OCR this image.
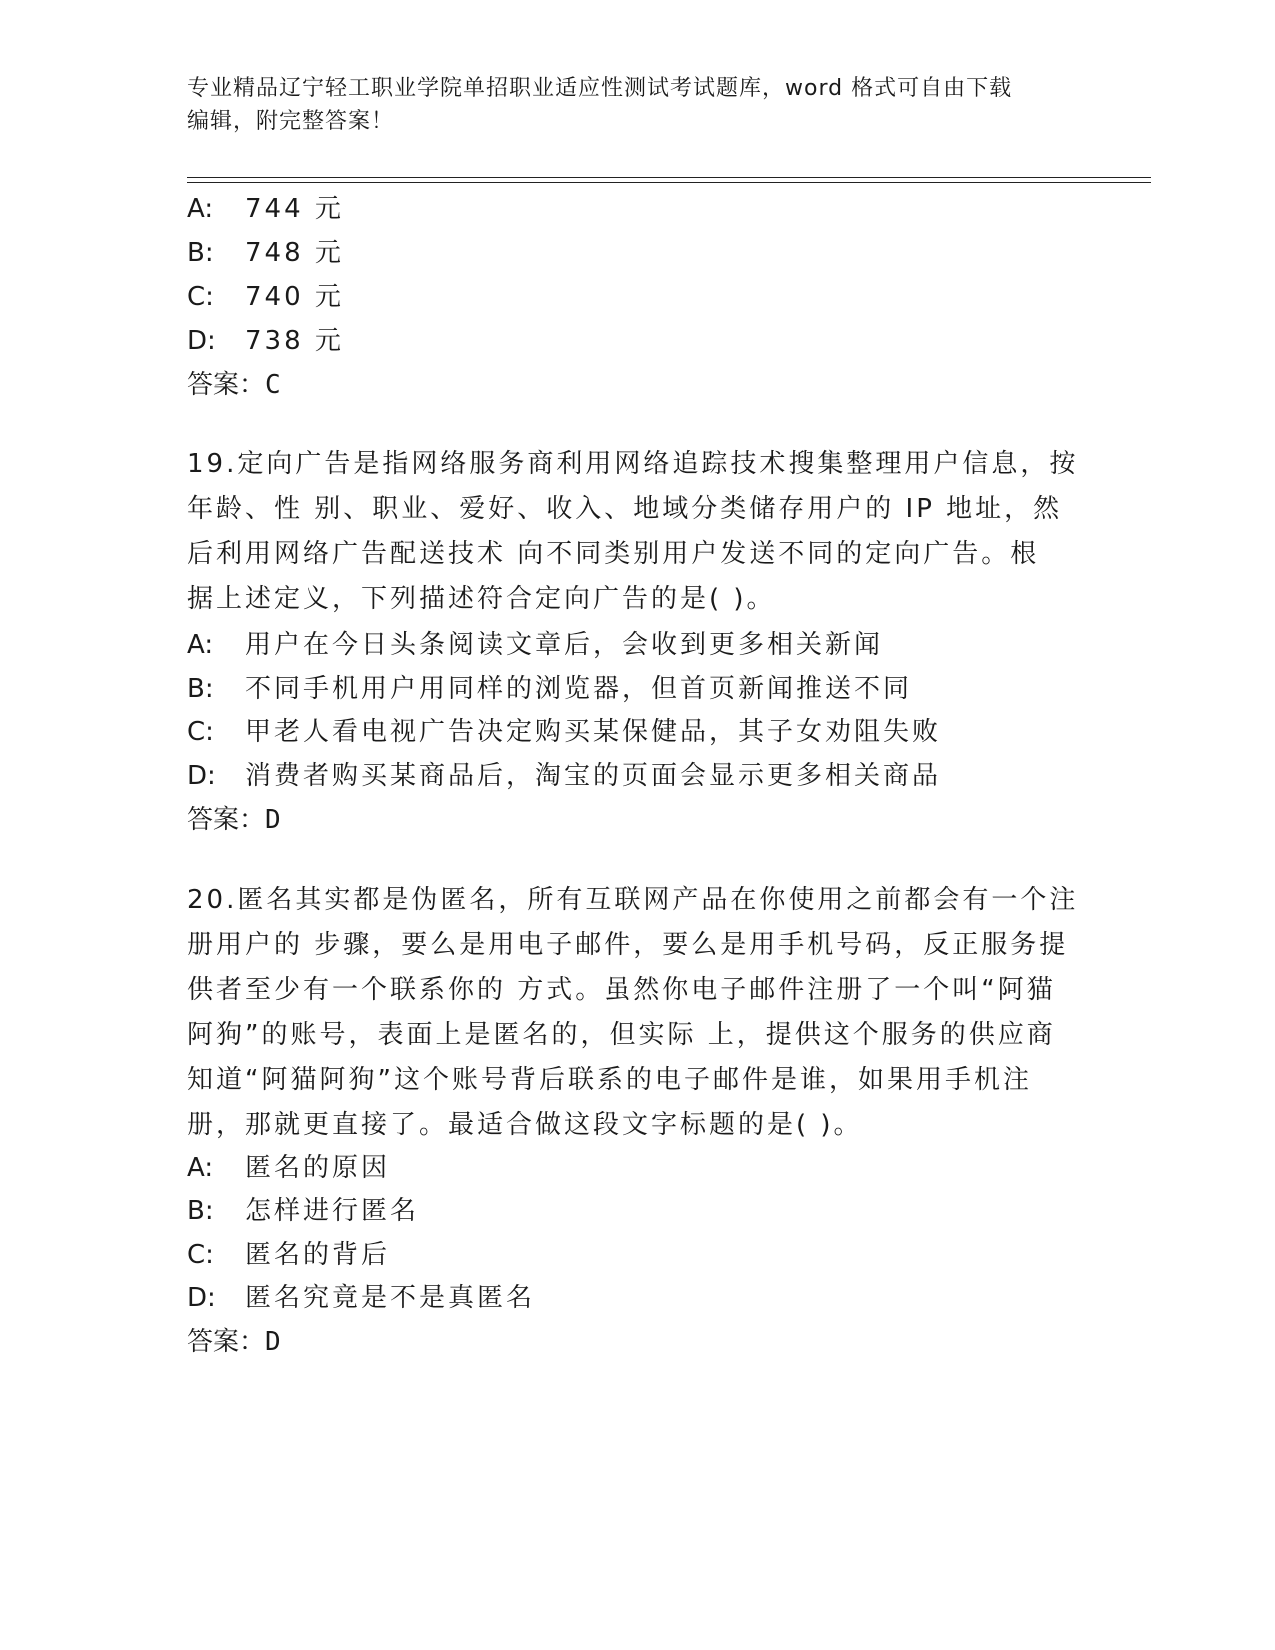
专业精品辽宁轻工职业学院单招职业适应性测试考试题库，word 格式可自由下载
编辑，附完整答案！
A: 744 元
B: 748 元
C: 740 元
D: 738 元
答案：C
19.定向广告是指网络服务商利用网络追踪技术搜集整理用户信息，按
年龄、性 别、职业、爱好、收入、地域分类储存用户的 IP 地址，然
后利用网络广告配送技术 向不同类别用户发送不同的定向广告。根
据上述定义，下列描述符合定向广告的是( )。
A: 用户在今日头条阅读文章后，会收到更多相关新闻
B: 不同手机用户用同样的浏览器，但首页新闻推送不同
C: 甲老人看电视广告决定购买某保健品，其子女劝阻失败
D: 消费者购买某商品后，淘宝的页面会显示更多相关商品
答案：D
20.匿名其实都是伪匿名，所有互联网产品在你使用之前都会有一个注
册用户的 步骤，要么是用电子邮件，要么是用手机号码，反正服务提
供者至少有一个联系你的 方式。虽然你电子邮件注册了一个叫“阿猫
阿狗”的账号，表面上是匿名的，但实际 上，提供这个服务的供应商
知道“阿猫阿狗”这个账号背后联系的电子邮件是谁，如果用手机注
册，那就更直接了。最适合做这段文字标题的是( )。
A: 匿名的原因
B: 怎样进行匿名
C: 匿名的背后
D: 匿名究竟是不是真匿名
答案：D
